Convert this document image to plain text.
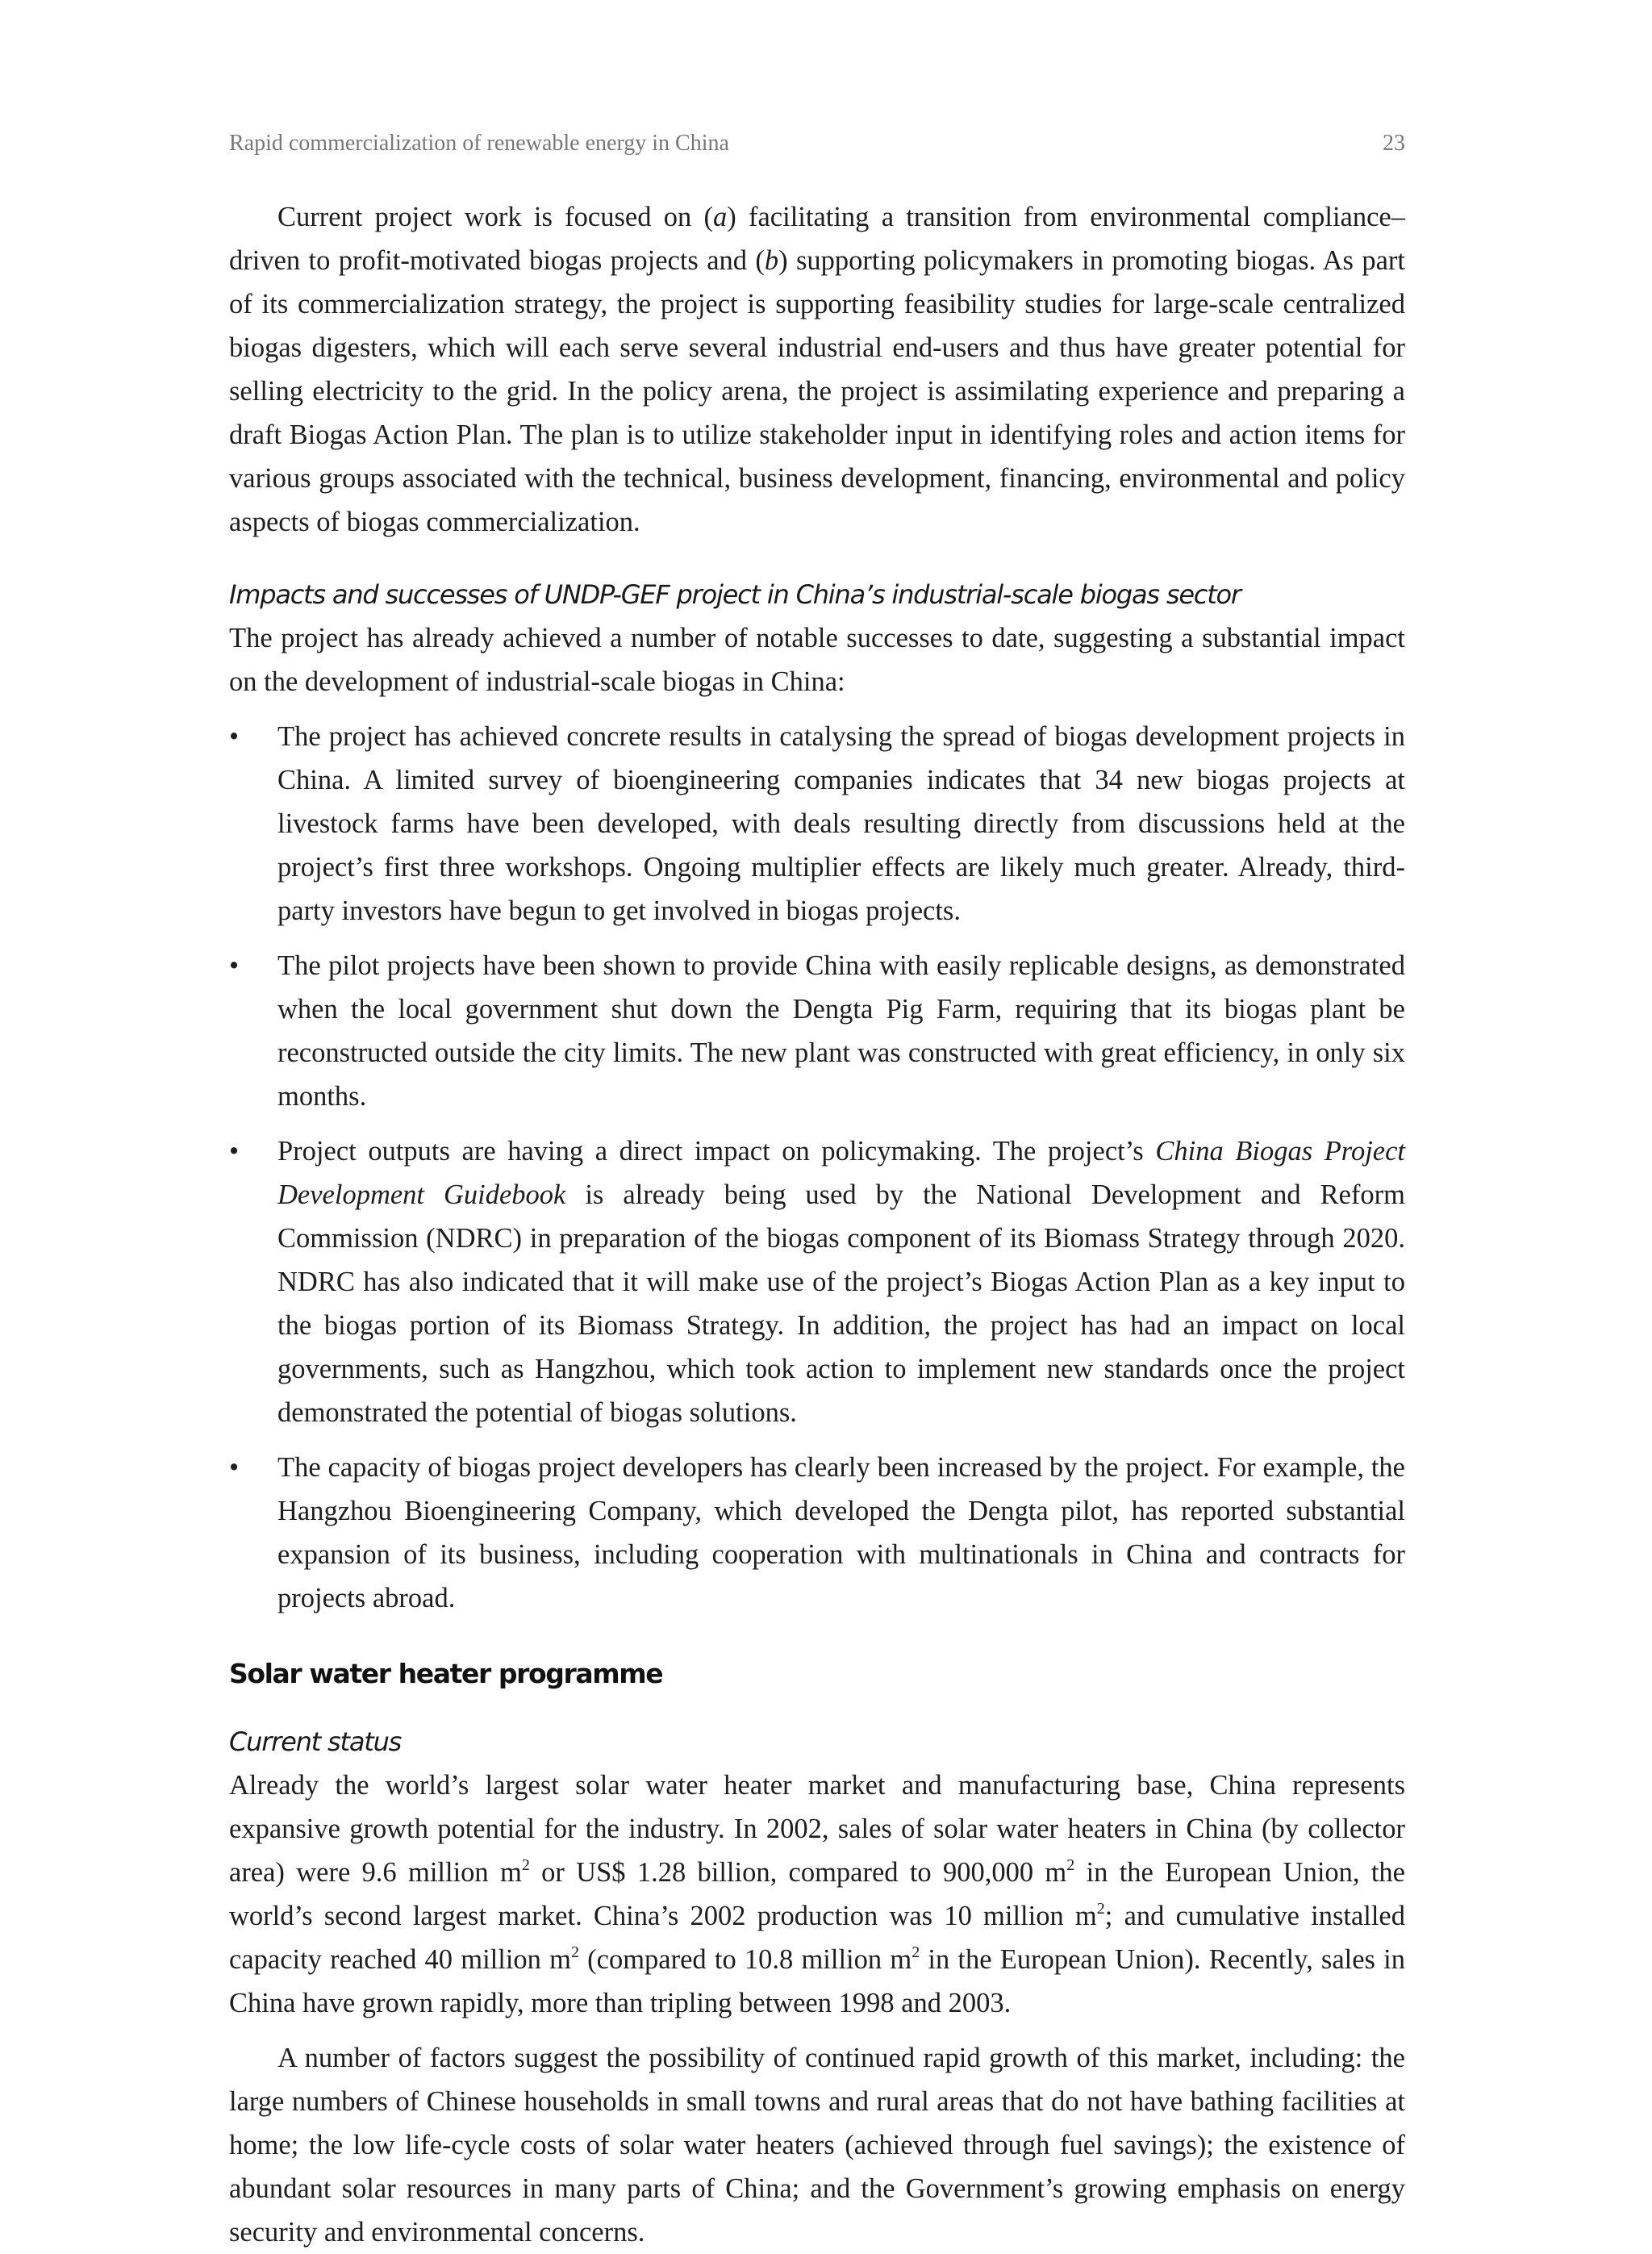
Rapid commercialization of renewable energy in China	23

Current project work is focused on (a) facilitating a transition from environmental compliance–driven to profit-motivated biogas projects and (b) supporting policymakers in promoting biogas. As part of its commercialization strategy, the project is supporting feasibility studies for large-scale centralized biogas digesters, which will each serve several industrial end-users and thus have greater potential for selling electricity to the grid. In the policy arena, the project is assimilating experience and preparing a draft Biogas Action Plan. The plan is to utilize stakeholder input in identifying roles and action items for various groups associated with the technical, business development, financing, environmental and policy aspects of biogas commercialization.

Impacts and successes of UNDP-GEF project in China’s industrial-scale biogas sector

The project has already achieved a number of notable successes to date, suggesting a substantial impact on the development of industrial-scale biogas in China:

• The project has achieved concrete results in catalysing the spread of biogas development projects in China. A limited survey of bioengineering companies indicates that 34 new biogas projects at livestock farms have been developed, with deals resulting directly from discussions held at the project’s first three workshops. Ongoing multiplier effects are likely much greater. Already, third-party investors have begun to get involved in biogas projects.
• The pilot projects have been shown to provide China with easily replicable designs, as demonstrated when the local government shut down the Dengta Pig Farm, requiring that its biogas plant be reconstructed outside the city limits. The new plant was constructed with great efficiency, in only six months.
• Project outputs are having a direct impact on policymaking. The project’s China Biogas Project Development Guidebook is already being used by the National Development and Reform Commission (NDRC) in preparation of the biogas component of its Biomass Strategy through 2020. NDRC has also indicated that it will make use of the project’s Biogas Action Plan as a key input to the biogas portion of its Biomass Strategy. In addition, the project has had an impact on local governments, such as Hangzhou, which took action to implement new standards once the project demonstrated the potential of biogas solutions.
• The capacity of biogas project developers has clearly been increased by the project. For example, the Hangzhou Bioengineering Company, which developed the Dengta pilot, has reported substantial expansion of its business, including cooperation with multinationals in China and contracts for projects abroad.
Solar water heater programme
Current status

Already the world’s largest solar water heater market and manufacturing base, China represents expansive growth potential for the industry. In 2002, sales of solar water heaters in China (by collector area) were 9.6 million $m^2$ or US$ 1.28 billion, compared to 900,000 $m^2$ in the European Union, the world’s second largest market. China’s 2002 production was 10 million $m^2$; and cumulative installed capacity reached 40 million $m^2$ (compared to 10.8 million $m^2$ in the European Union). Recently, sales in China have grown rapidly, more than tripling between 1998 and 2003.

A number of factors suggest the possibility of continued rapid growth of this market, including: the large numbers of Chinese households in small towns and rural areas that do not have bathing facilities at home; the low life-cycle costs of solar water heaters (achieved through fuel savings); the existence of abundant solar resources in many parts of China; and the Government’s growing emphasis on energy security and environmental concerns.
